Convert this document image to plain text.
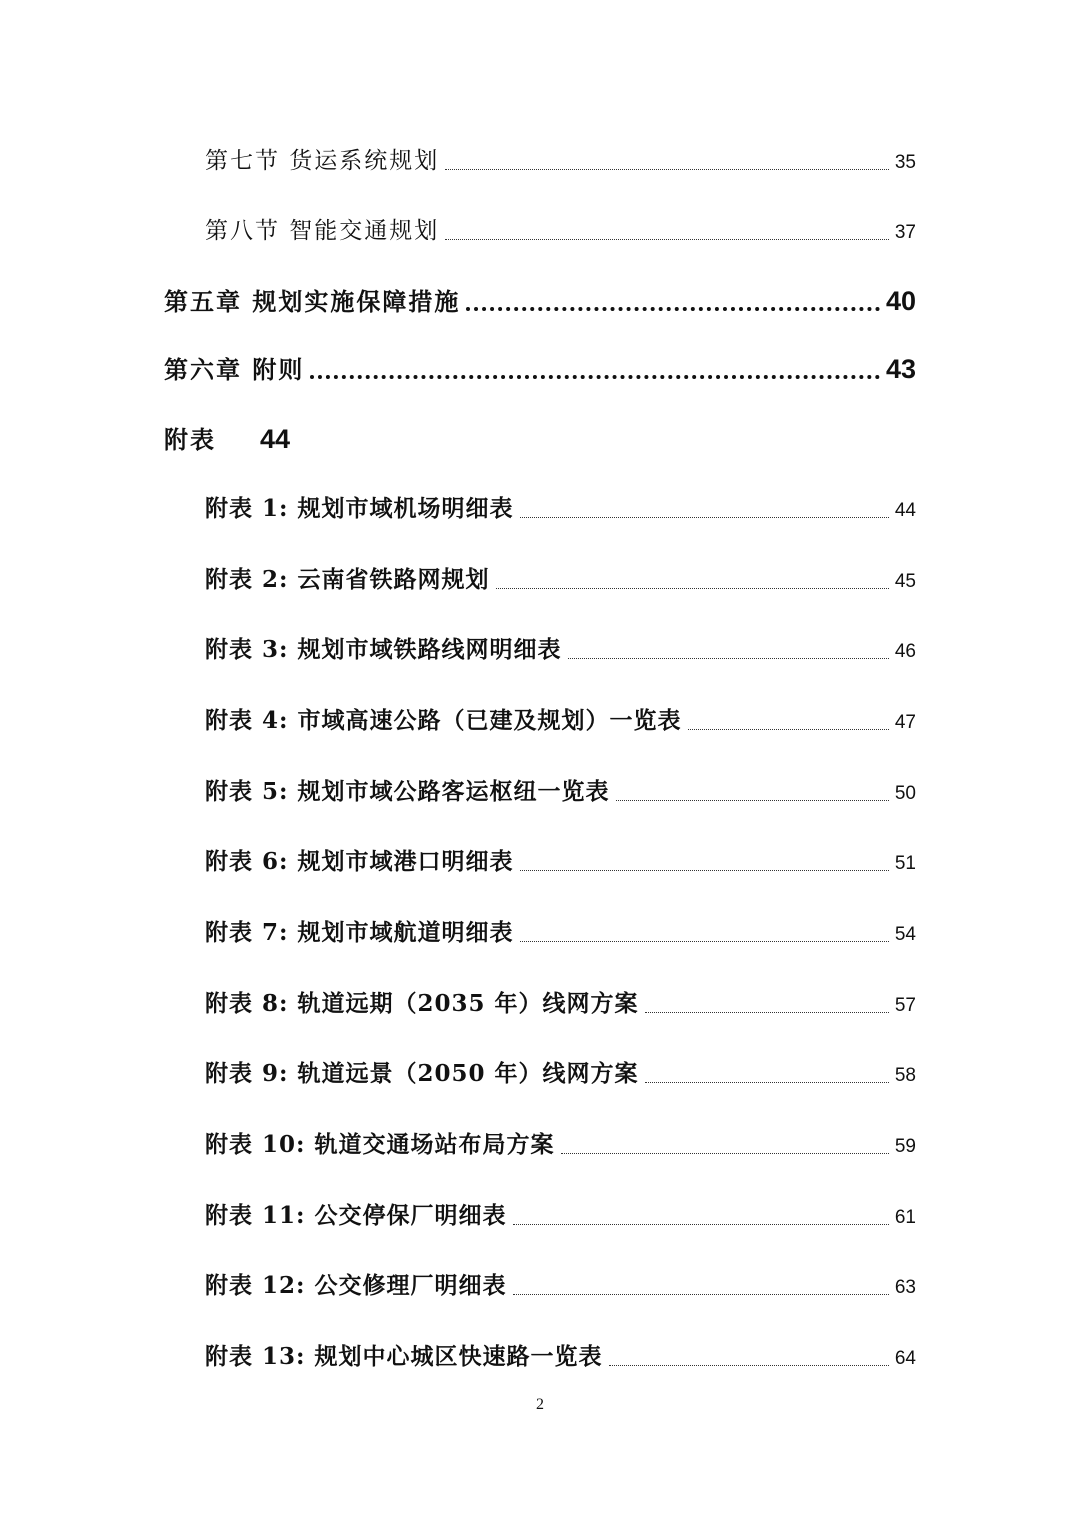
第七节 货运系统规划	35
第八节 智能交通规划	37
第五章 规划实施保障措施	40
第六章 附则	43
附表 44
附表 1: 规划市域机场明细表	44
附表 2: 云南省铁路网规划	45
附表 3: 规划市域铁路线网明细表	46
附表 4: 市域高速公路（已建及规划）一览表	47
附表 5: 规划市域公路客运枢纽一览表	50
附表 6: 规划市域港口明细表	51
附表 7: 规划市域航道明细表	54
附表 8: 轨道远期（2035 年）线网方案	57
附表 9: 轨道远景（2050 年）线网方案	58
附表 10: 轨道交通场站布局方案	59
附表 11: 公交停保厂明细表	61
附表 12: 公交修理厂明细表	63
附表 13: 规划中心城区快速路一览表	64
2
